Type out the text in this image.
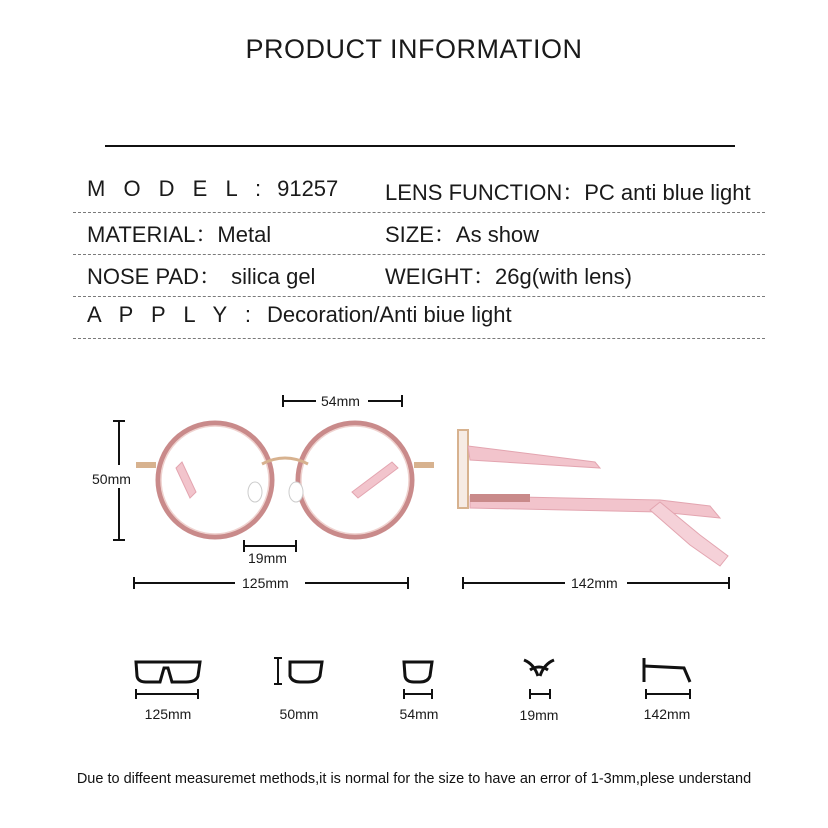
PRODUCT INFORMATION
M O D E L : 91257 LENS FUNCTION：PC anti blue light
MATERIAL：Metal	SIZE：As show
NOSE PAD： silica gel	WEIGHT：26g(with lens)
A P P L Y : Decoration/Anti biue light
54mm
50mm
19mm
125mm	142mm
125mm	50mm	54mm	19mm	142mm
Due to diffeent measuremet methods,it is normal for the size to have an error of 1-3mm,plese understand
